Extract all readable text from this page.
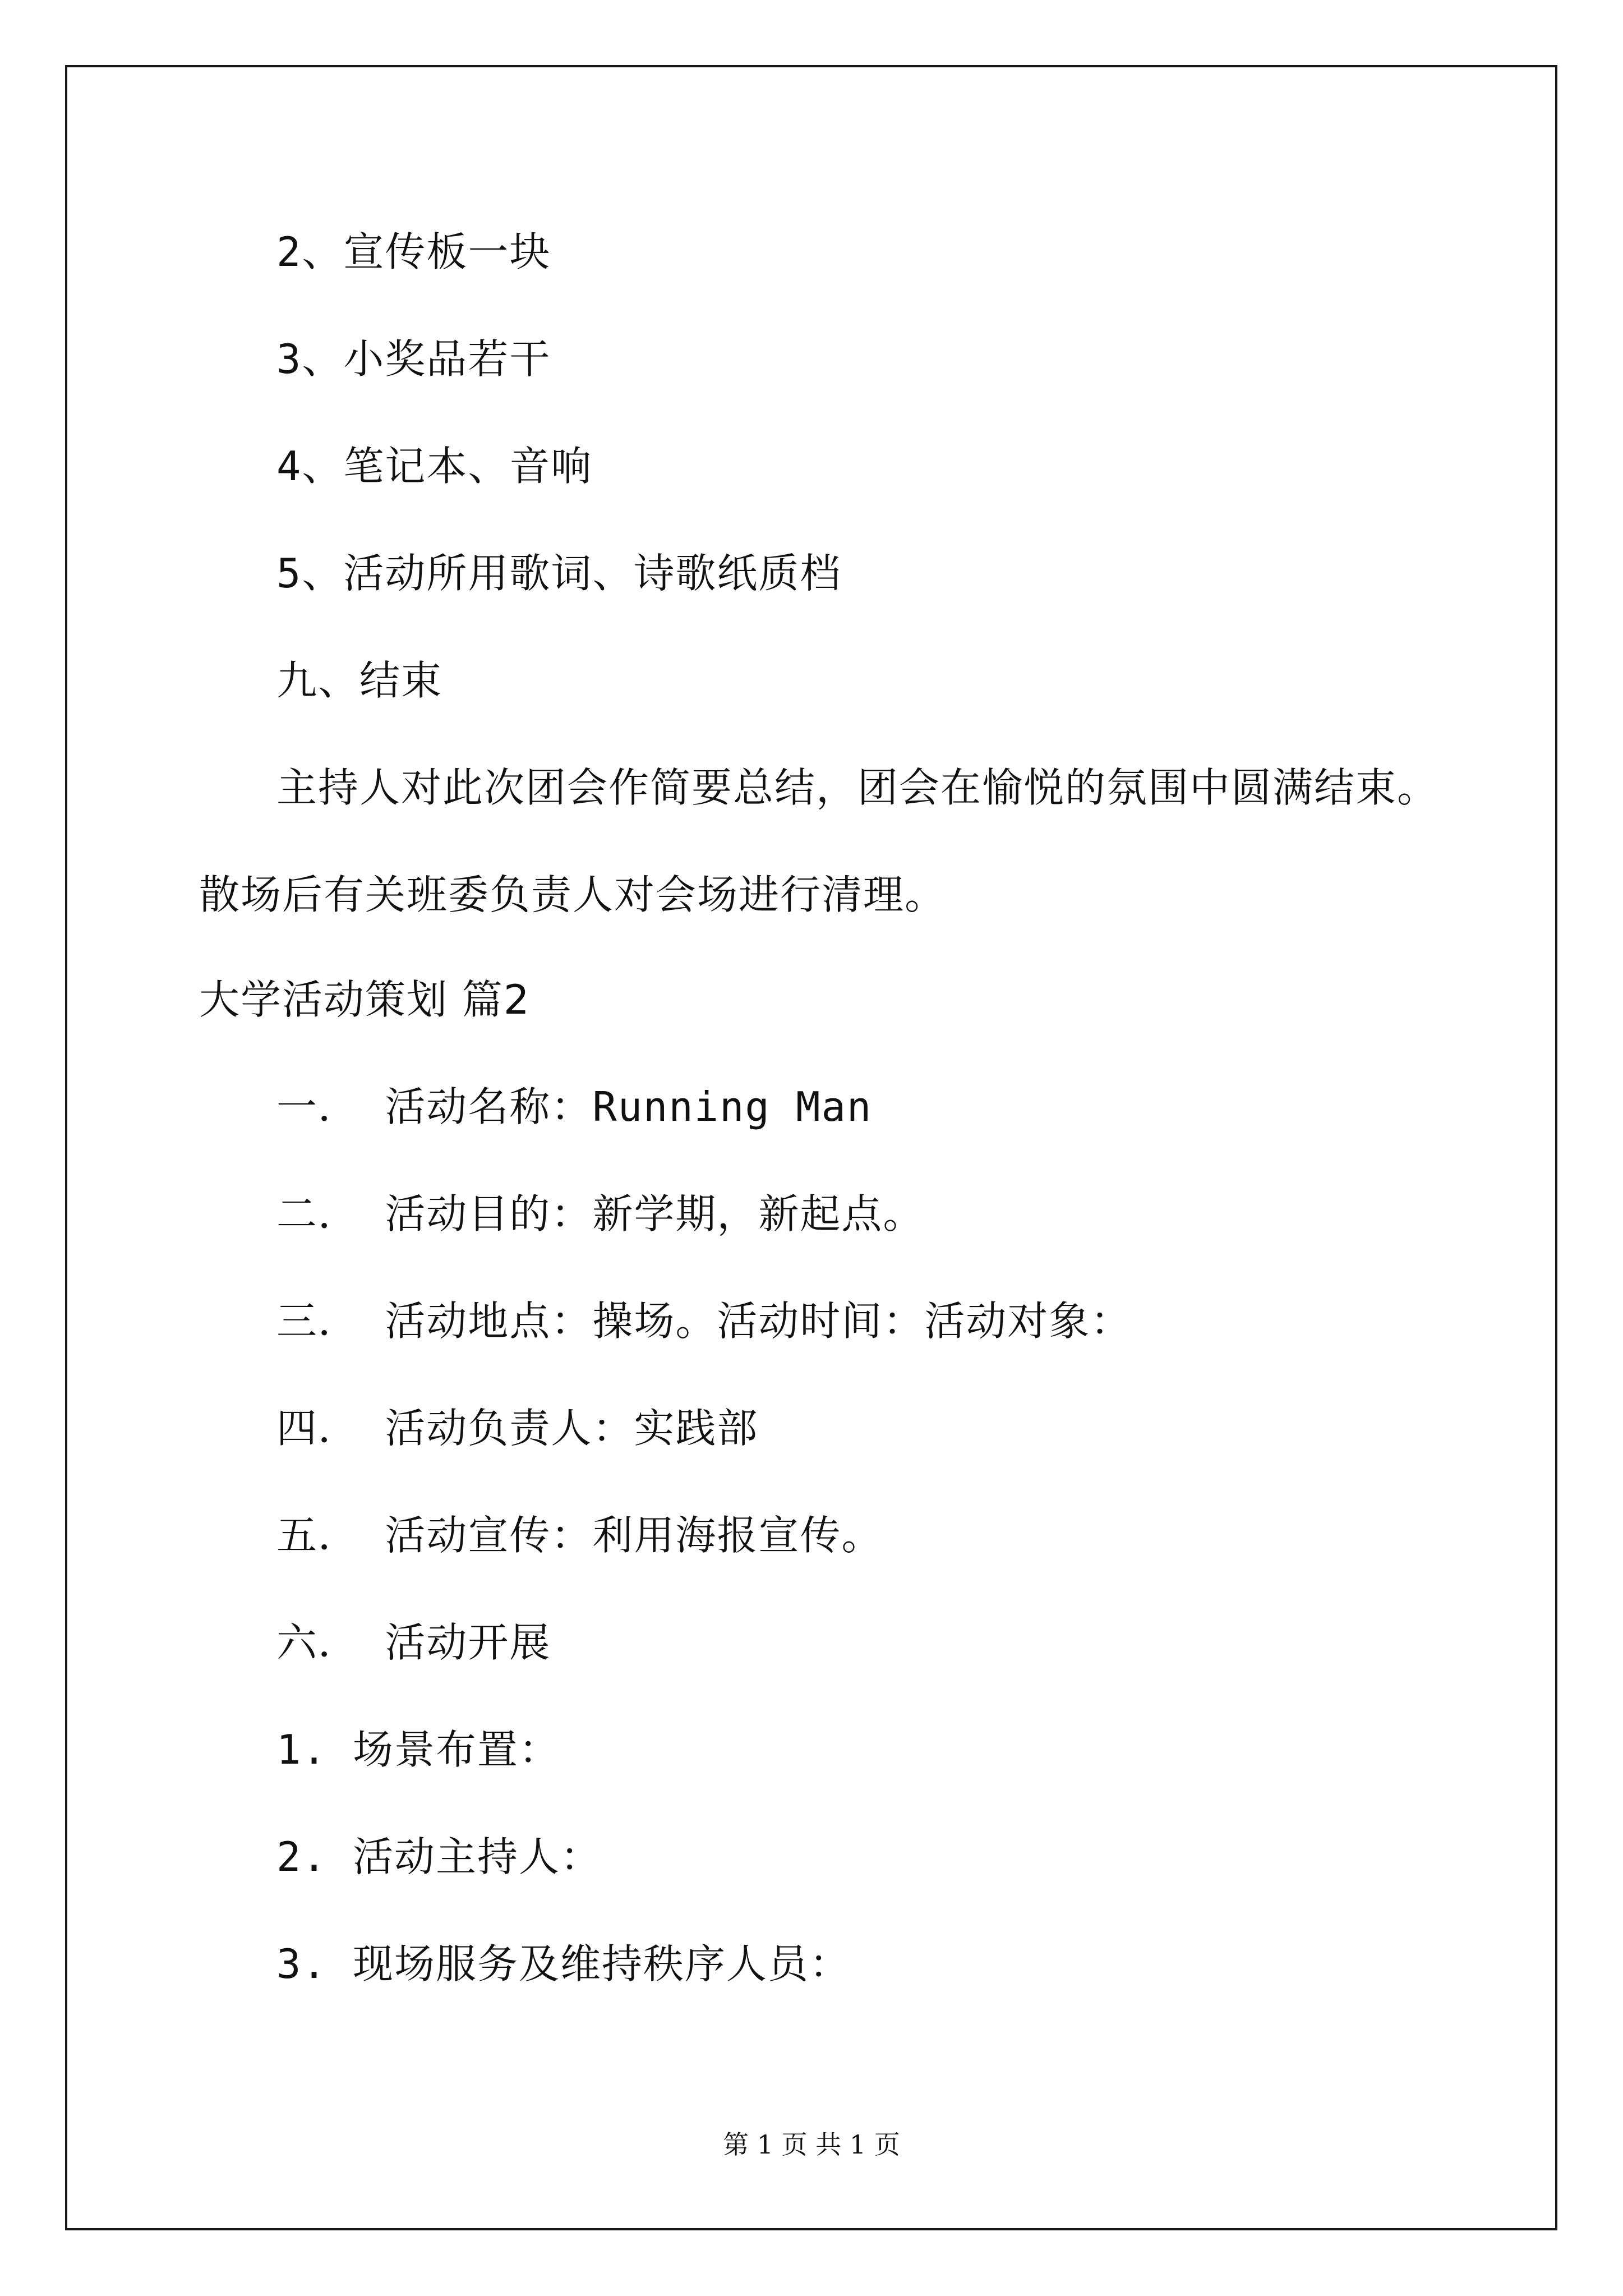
2、宣传板一块
3、小奖品若干
4、笔记本、音响
5、活动所用歌词、诗歌纸质档
九、结束
主持人对此次团会作简要总结，团会在愉悦的氛围中圆满结束。
散场后有关班委负责人对会场进行清理。
大学活动策划 篇2
一． 活动名称：Running Man
二． 活动目的：新学期，新起点。
三． 活动地点：操场。活动时间：活动对象：
四． 活动负责人：实践部
五． 活动宣传：利用海报宣传。
六． 活动开展
1. 场景布置：
2. 活动主持人：
3. 现场服务及维持秩序人员：
第 1 页 共 1 页
